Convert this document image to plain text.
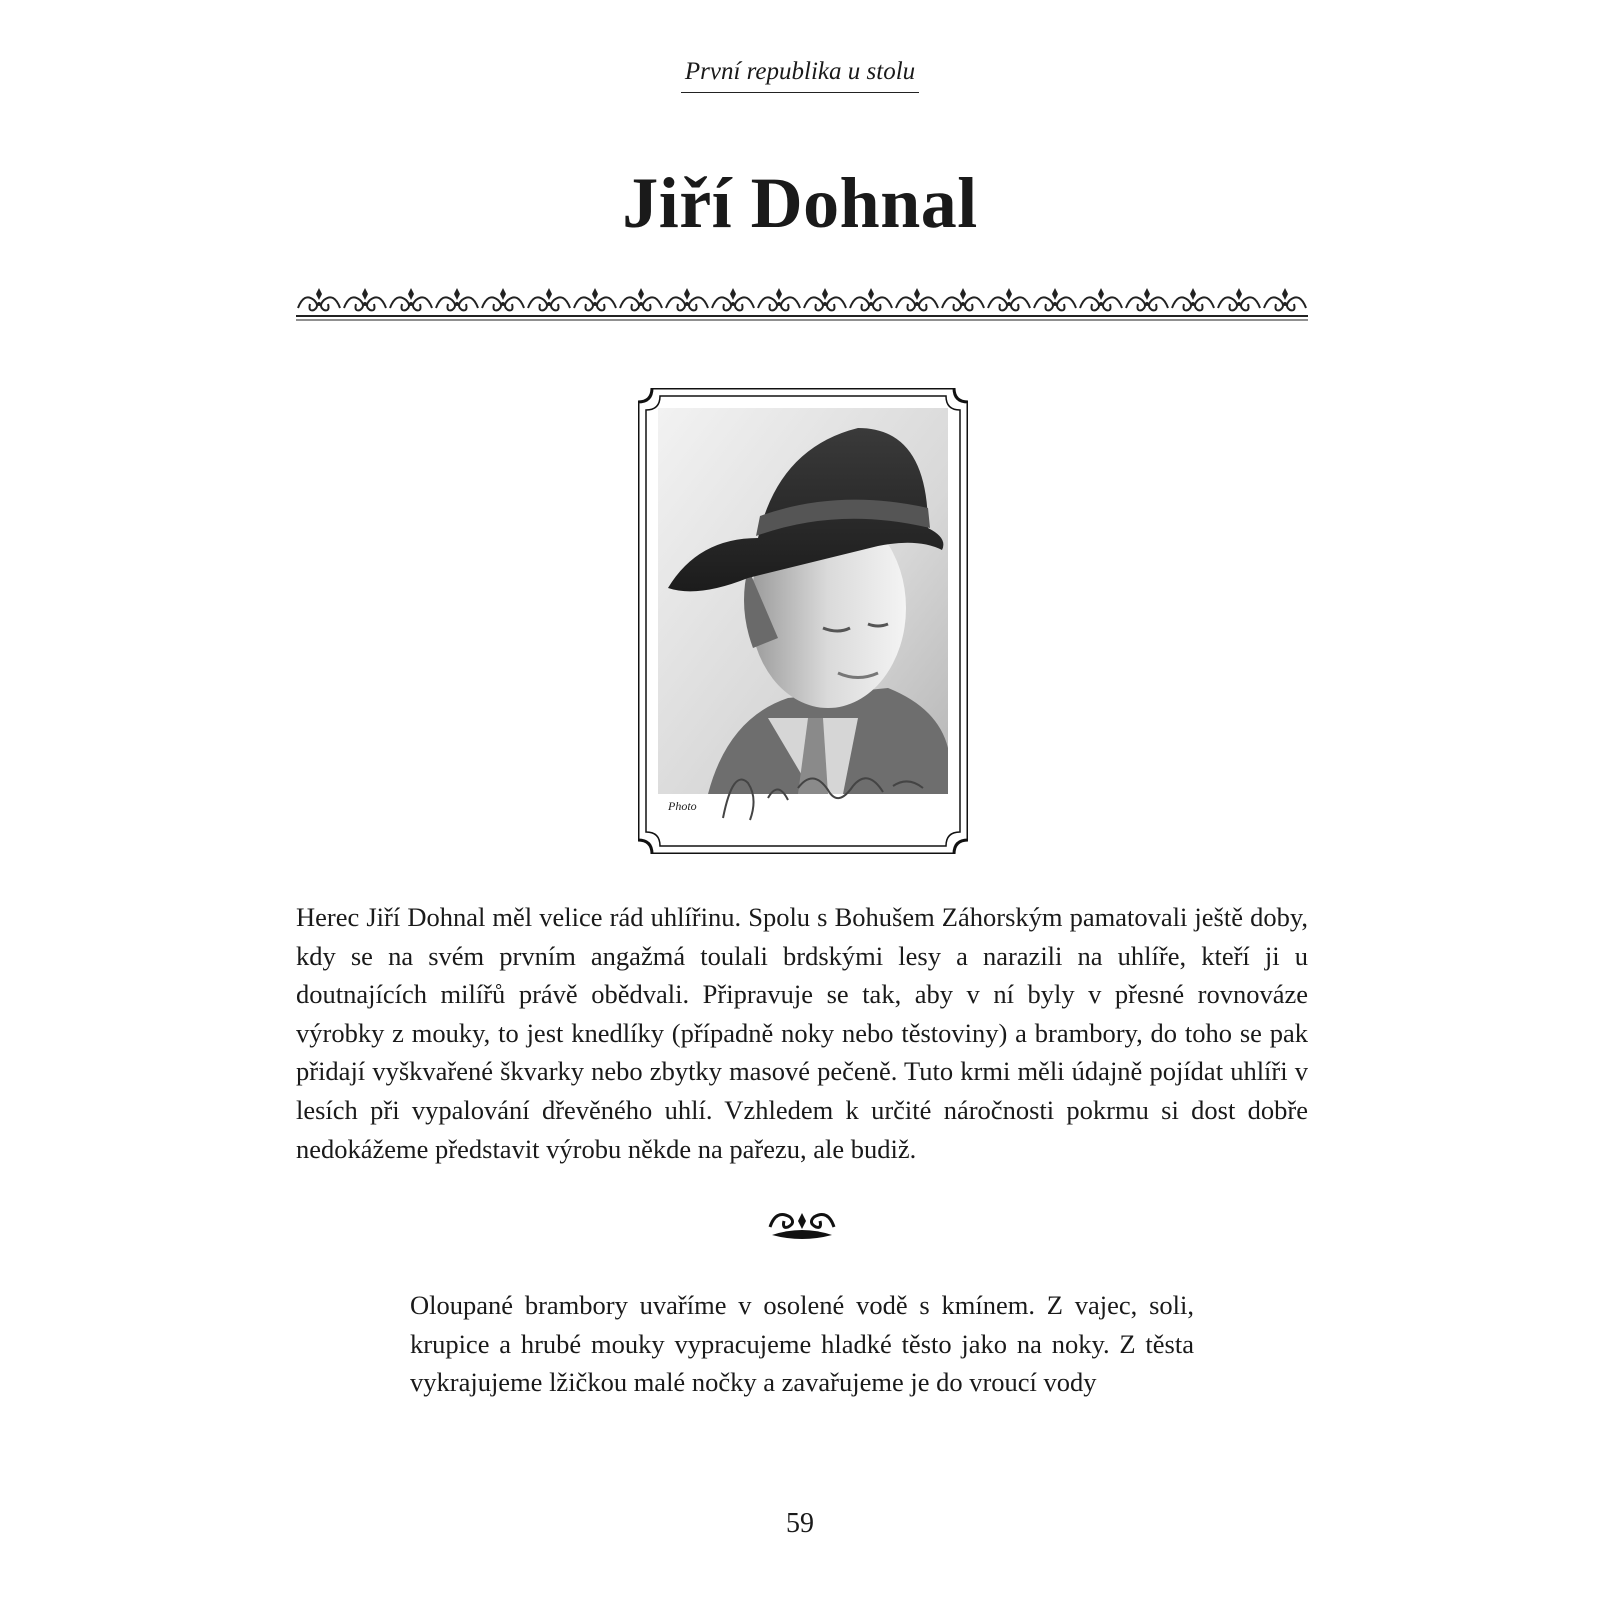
První republika u stolu
Jiří Dohnal
Photo

Herec Jiří Dohnal měl velice rád uhlířinu. Spolu s Bohušem Záhorským pamatovali ještě doby, kdy se na svém prvním angažmá toulali brdskými lesy a narazili na uhlíře, kteří ji u doutnajících milířů právě obědvali. Připravuje se tak, aby v ní byly v přesné rovnováze výrobky z mouky, to jest knedlíky (případně noky nebo těstoviny) a brambory, do toho se pak přidají vyškvařené škvarky nebo zbytky masové pečeně. Tuto krmi měli údajně pojídat uhlíři v lesích při vypalování dřevěného uhlí. Vzhledem k určité náročnosti pokrmu si dost dobře nedokážeme představit výrobu někde na pařezu, ale budiž.

Oloupané brambory uvaříme v osolené vodě s kmínem. Z vajec, soli, krupice a hrubé mouky vypracujeme hladké těsto jako na noky. Z těsta vykrajujeme lžičkou malé nočky a zavařujeme je do vroucí vody

59
